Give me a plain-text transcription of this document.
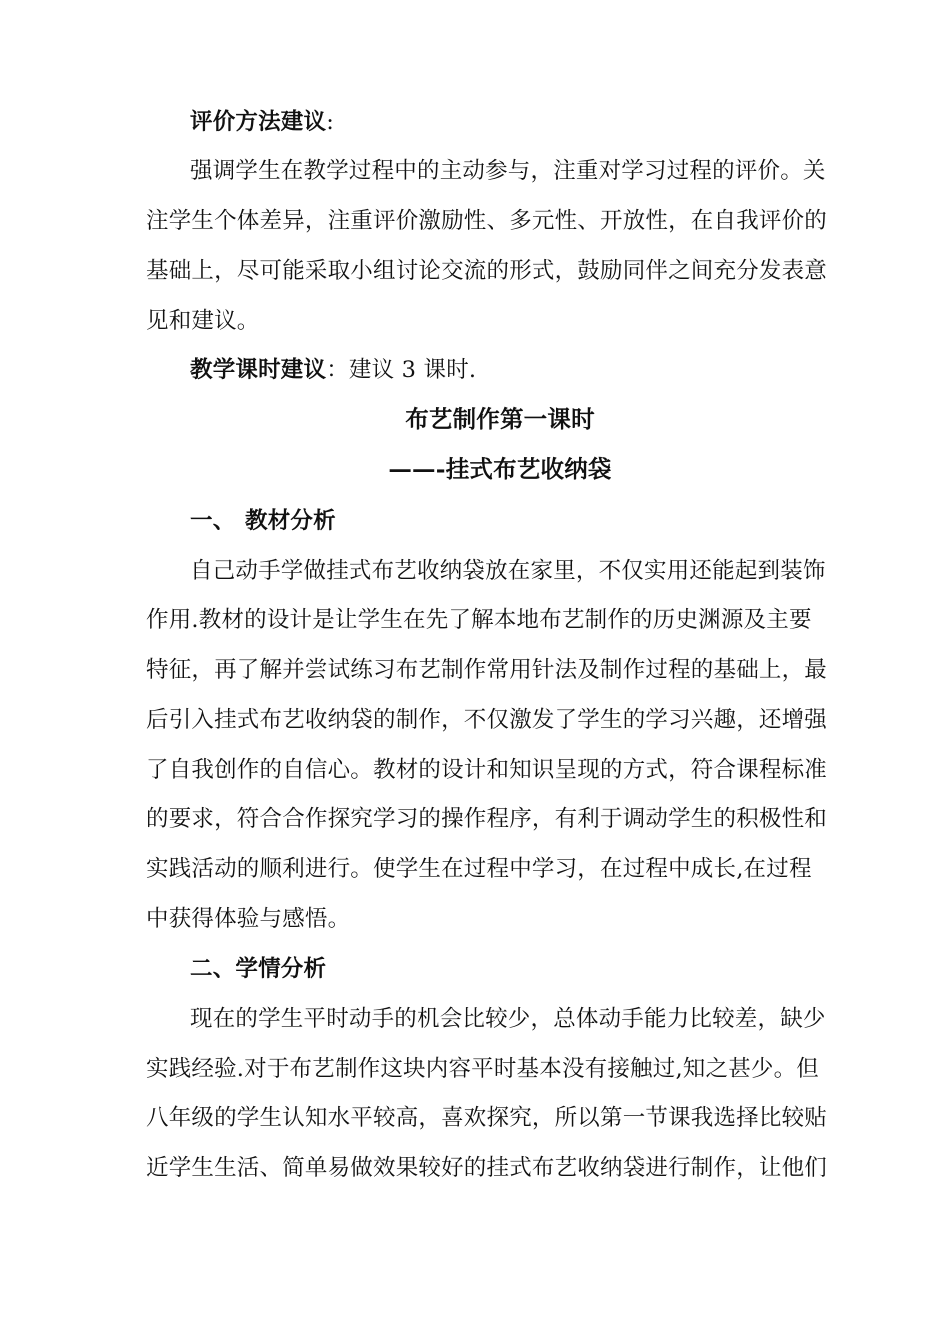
评价方法建议:
强调学生在教学过程中的主动参与，注重对学习过程的评价。关
注学生个体差异，注重评价激励性、多元性、开放性，在自我评价的
基础上，尽可能采取小组讨论交流的形式，鼓励同伴之间充分发表意
见和建议。
教学课时建议：建议 3 课时.
布艺制作第一课时
——-挂式布艺收纳袋
一、 教材分析
自己动手学做挂式布艺收纳袋放在家里，不仅实用还能起到装饰
作用.教材的设计是让学生在先了解本地布艺制作的历史渊源及主要
特征，再了解并尝试练习布艺制作常用针法及制作过程的基础上，最
后引入挂式布艺收纳袋的制作，不仅激发了学生的学习兴趣，还增强
了自我创作的自信心。教材的设计和知识呈现的方式，符合课程标准
的要求，符合合作探究学习的操作程序，有利于调动学生的积极性和
实践活动的顺利进行。使学生在过程中学习，在过程中成长,在过程
中获得体验与感悟。
二、学情分析
现在的学生平时动手的机会比较少，总体动手能力比较差，缺少
实践经验.对于布艺制作这块内容平时基本没有接触过,知之甚少。但
八年级的学生认知水平较高，喜欢探究，所以第一节课我选择比较贴
近学生生活、简单易做效果较好的挂式布艺收纳袋进行制作，让他们
